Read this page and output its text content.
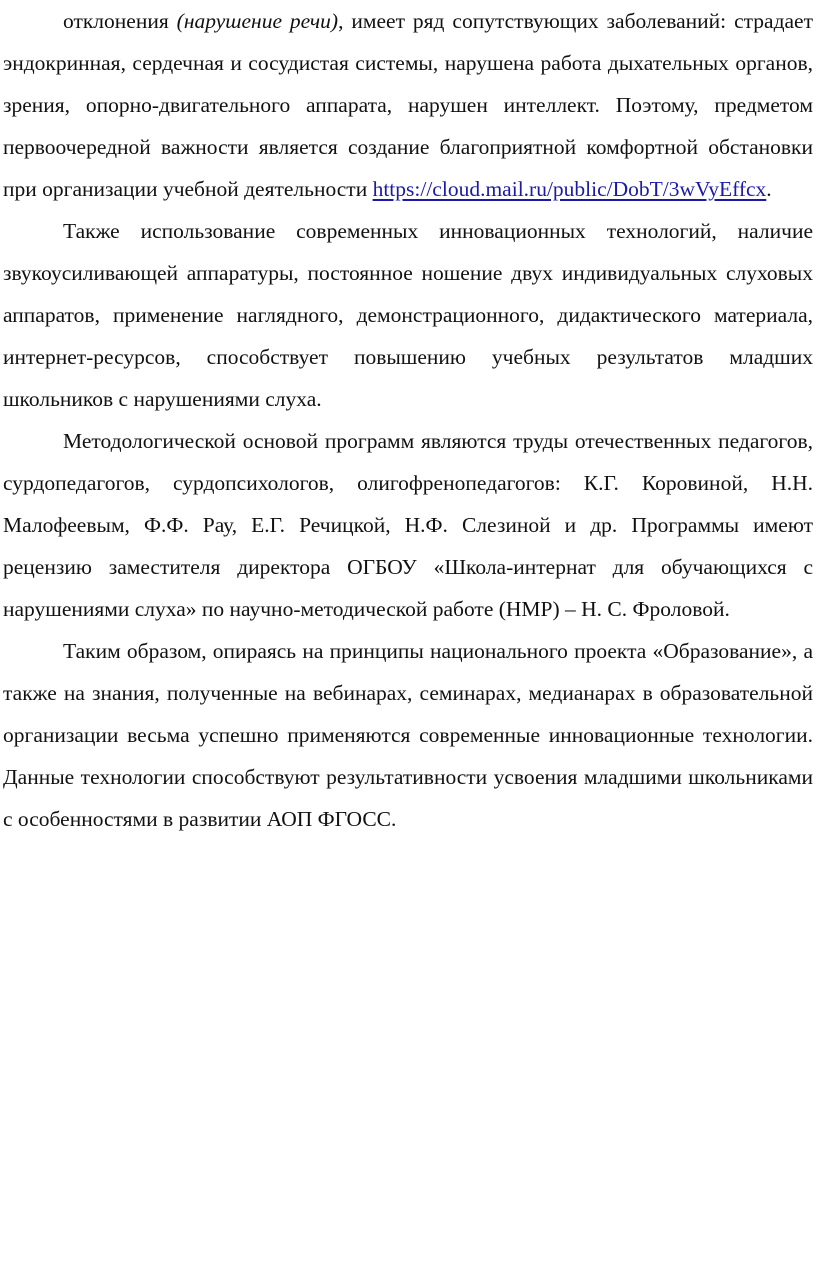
отклонения (нарушение речи), имеет ряд сопутствующих заболеваний: страдает эндокринная, сердечная и сосудистая системы, нарушена работа дыхательных органов, зрения, опорно-двигательного аппарата, нарушен интеллект. Поэтому, предметом первоочередной важности является создание благоприятной комфортной обстановки при организации учебной деятельности https://cloud.mail.ru/public/DobT/3wVyEffcx.

Также использование современных инновационных технологий, наличие звукоусиливающей аппаратуры, постоянное ношение двух индивидуальных слуховых аппаратов, применение наглядного, демонстрационного, дидактического материала, интернет-ресурсов, способствует повышению учебных результатов младших школьников с нарушениями слуха.

Методологической основой программ являются труды отечественных педагогов, сурдопедагогов, сурдопсихологов, олигофренопедагогов: К.Г. Коровиной, Н.Н. Малофеевым, Ф.Ф. Рау, Е.Г. Речицкой, Н.Ф. Слезиной и др. Программы имеют рецензию заместителя директора ОГБОУ «Школа-интернат для обучающихся с нарушениями слуха» по научно-методической работе (НМР) – Н. С. Фроловой.

Таким образом, опираясь на принципы национального проекта «Образование», а также на знания, полученные на вебинарах, семинарах, медианарах в образовательной организации весьма успешно применяются современные инновационные технологии. Данные технологии способствуют результативности усвоения младшими школьниками с особенностями в развитии АОП ФГОСС.
